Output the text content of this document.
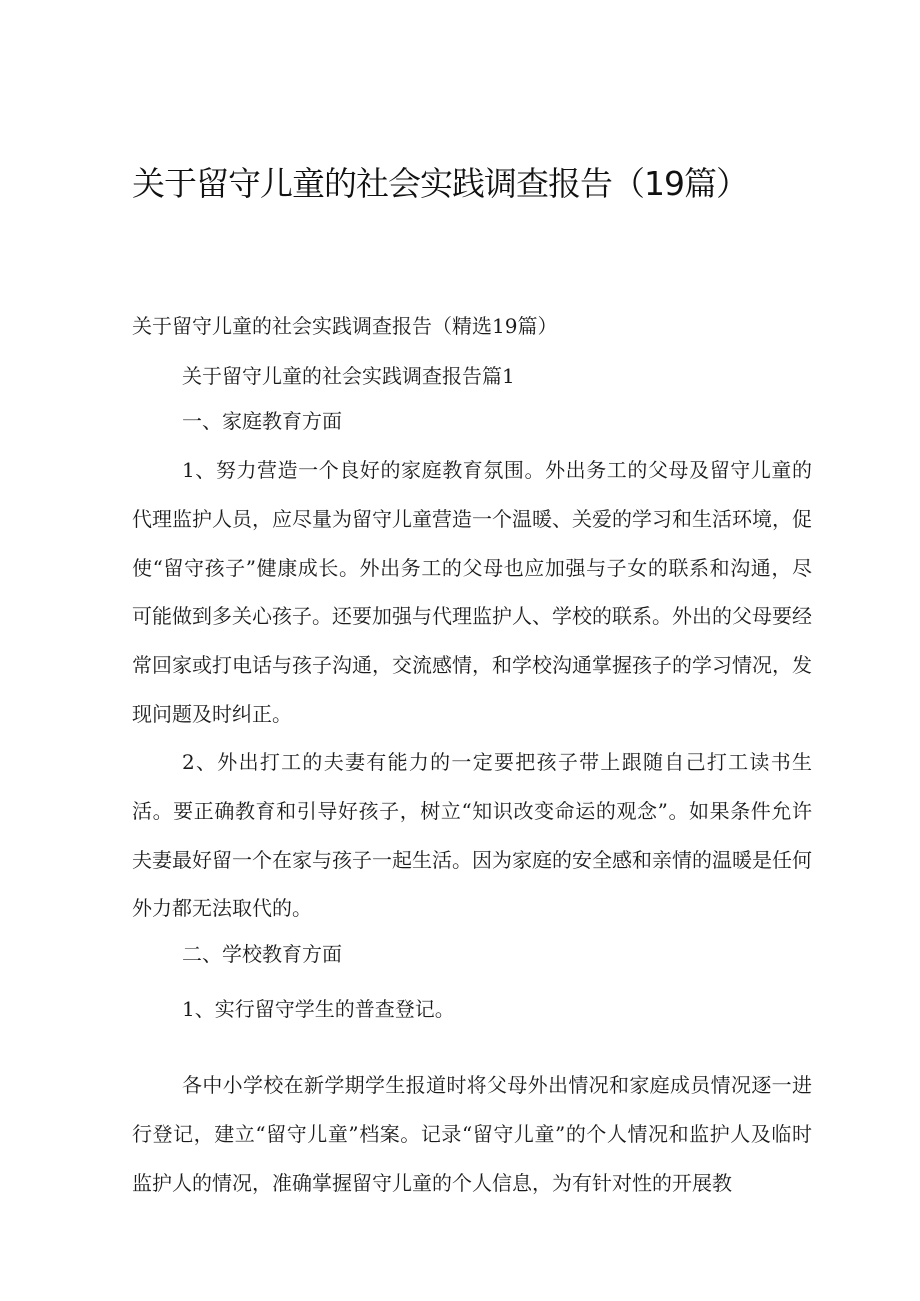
关于留守儿童的社会实践调查报告（19篇）

关于留守儿童的社会实践调查报告（精选19篇）

关于留守儿童的社会实践调查报告篇1

一、家庭教育方面

1、努力营造一个良好的家庭教育氛围。外出务工的父母及留守儿童的代理监护人员，应尽量为留守儿童营造一个温暖、关爱的学习和生活环境，促使“留守孩子”健康成长。外出务工的父母也应加强与子女的联系和沟通，尽可能做到多关心孩子。还要加强与代理监护人、学校的联系。外出的父母要经常回家或打电话与孩子沟通，交流感情，和学校沟通掌握孩子的学习情况，发现问题及时纠正。

2、外出打工的夫妻有能力的一定要把孩子带上跟随自己打工读书生活。要正确教育和引导好孩子，树立“知识改变命运的观念”。如果条件允许夫妻最好留一个在家与孩子一起生活。因为家庭的安全感和亲情的温暖是任何外力都无法取代的。

二、学校教育方面

1、实行留守学生的普查登记。

各中小学校在新学期学生报道时将父母外出情况和家庭成员情况逐一进行登记，建立“留守儿童”档案。记录“留守儿童”的个人情况和监护人及临时监护人的情况，准确掌握留守儿童的个人信息，为有针对性的开展教
